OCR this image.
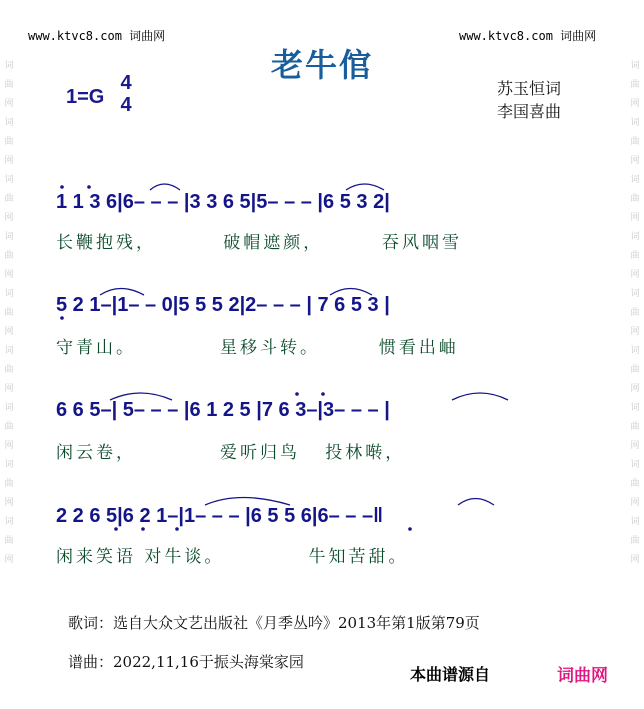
词
曲
网
词
曲
网
词
曲
网
词
曲
网
词
曲
网
词
曲
网
词
曲
网
词
曲
网
词
曲
网
词
曲
网
词
曲
网
词
曲
网
词
曲
网
词
曲
网
词
曲
网
词
曲
网
词
曲
网
词
曲
网
www.ktvc8.com 词曲网	www.ktvc8.com 词曲网
老牛倌
1=G
4
4
苏玉恒词
李国喜曲
1 1 3 6|6– – – |3 3 6 5|5– – – |6 5 3 2|
长鞭抱残，        破帽遮颜，       吞风咽雪
5 2 1–|1– – 0|5 5 5 2|2– – – | 7 6 5 3 |
守青山。          星移斗转。       惯看出岫
6 6 5–| 5– – – |6 1 2 5 |7 6 3–|3– – – |
闲云卷，          爱听归鸟   投林啭，
2 2 6 5|6 2 1–|1– – – |6 5 5 6|6– – –‖
闲来笑语 对牛谈。          牛知苦甜。
歌词：选自大众文艺出版社《月季丛吟》2013年第1版第79页
谱曲：2022,11,16于振头海棠家园
本曲谱源自	词曲网
